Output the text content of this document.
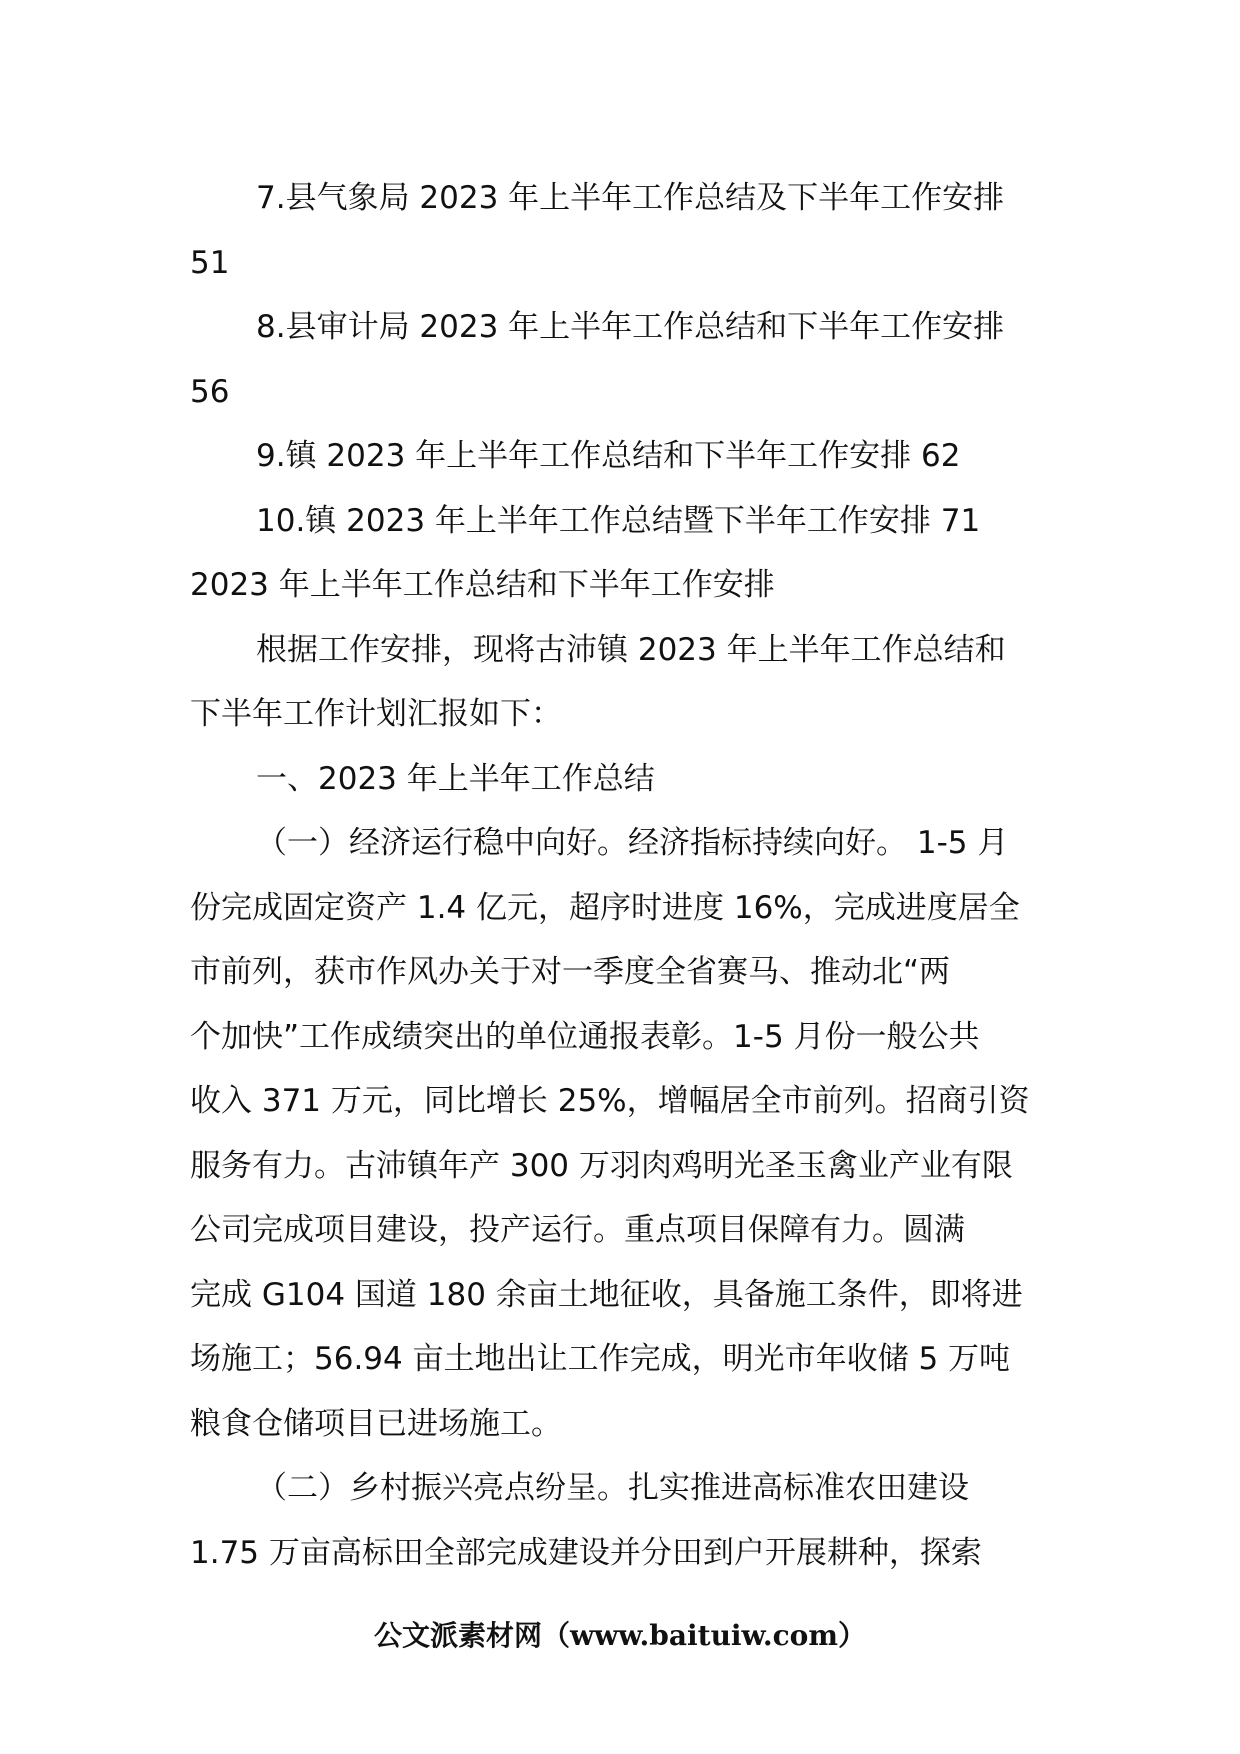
7.县气象局 2023 年上半年工作总结及下半年工作安排
51
8.县审计局 2023 年上半年工作总结和下半年工作安排
56
9.镇 2023 年上半年工作总结和下半年工作安排 62
10.镇 2023 年上半年工作总结暨下半年工作安排 71
2023 年上半年工作总结和下半年工作安排
根据工作安排，现将古沛镇 2023 年上半年工作总结和
下半年工作计划汇报如下：
一、2023 年上半年工作总结
（一）经济运行稳中向好。经济指标持续向好。 1-5 月
份完成固定资产 1.4 亿元，超序时进度 16%，完成进度居全
市前列，获市作风办关于对一季度全省赛马、推动北“两
个加快”工作成绩突出的单位通报表彰。1-5 月份一般公共
收入 371 万元，同比增长 25%，增幅居全市前列。招商引资
服务有力。古沛镇年产 300 万羽肉鸡明光圣玉禽业产业有限
公司完成项目建设，投产运行。重点项目保障有力。圆满
完成 G104 国道 180 余亩土地征收，具备施工条件，即将进
场施工；56.94 亩土地出让工作完成，明光市年收储 5 万吨
粮食仓储项目已进场施工。
（二）乡村振兴亮点纷呈。扎实推进高标准农田建设
1.75 万亩高标田全部完成建设并分田到户开展耕种，探索
公文派素材网（www.baituiw.com）
